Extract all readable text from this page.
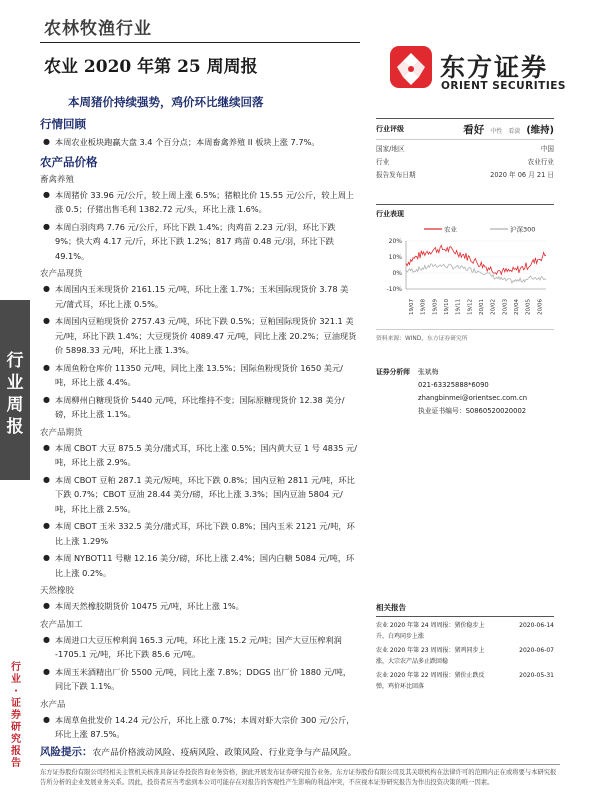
农林牧渔行业
农业 2020 年第 25 周周报
本周猪价持续强势，鸡价环比继续回落
东方证券
ORIENT SECURITIES
行
业
周
报
行
业
·
证
券
研
究
报
告

行情回顾

● 本周农业板块跑赢大盘 3.4 个百分点；本周畜禽养殖 II 板块上涨 7.7%。

农产品价格

畜禽养殖

● 本周猪价 33.96 元/公斤，较上周上涨 6.5%；猪粮比价 15.55 元/公斤，较上周上涨 0.5；仔猪出售毛利 1382.72 元/头，环比上涨 1.6%。

● 本周白羽肉鸡 7.76 元/公斤，环比下跌 1.4%；肉鸡苗 2.23 元/羽，环比下跌 9%；快大鸡 4.17 元/斤，环比下跌 1.2%；817 鸡苗 0.48 元/羽，环比下跌 49.1%。

农产品现货

● 本周国内玉米现货价 2161.15 元/吨，环比上涨 1.7%；玉米国际现货价 3.78 美元/蒲式耳，环比上涨 0.5%。

● 本周国内豆粕现货价 2757.43 元/吨，环比下跌 0.5%；豆粕国际现货价 321.1 美元/吨，环比下跌 1.4%；大豆现货价 4089.47 元/吨，同比上涨 20.2%；豆油现货价 5898.33 元/吨，环比上涨 1.3%。

● 本周鱼粉仓库价 11350 元/吨，同比上涨 13.5%；国际鱼粉现货价 1650 美元/吨，环比上涨 4.4%。

● 本周柳州白糖现货价 5440 元/吨，环比维持不变；国际原糖现货价 12.38 美分/磅，环比上涨 1.1%。

农产品期货

● 本周 CBOT 大豆 875.5 美分/蒲式耳，环比上涨 0.5%；国内黄大豆 1 号 4835 元/吨，环比上涨 2.9%。

● 本周 CBOT 豆粕 287.1 美元/短吨，环比下跌 0.8%；国内豆粕 2811 元/吨，环比下跌 0.7%；CBOT 豆油 28.44 美分/磅，环比上涨 3.3%；国内豆油 5804 元/吨，环比上涨 2.5%。

● 本周 CBOT 玉米 332.5 美分/蒲式耳，环比下跌 0.8%；国内玉米 2121 元/吨，环比上涨 1.29%

● 本周 NYBOT11 号糖 12.16 美分/磅，环比上涨 2.4%；国内白糖 5084 元/吨，环比上涨 0.2%。

天然橡胶

● 本周天然橡胶期货价 10475 元/吨，环比上涨 1%。

农产品加工

● 本周进口大豆压榨利润 165.3 元/吨，环比上涨 15.2 元/吨；国产大豆压榨利润 -1705.1 元/吨，环比下跌 85.6 元/吨。

● 本周玉米酒精出厂价 5500 元/吨，同比上涨 7.8%；DDGS 出厂价 1880 元/吨，同比下跌 1.1%。

水产品

● 本周草鱼批发价 14.24 元/公斤，环比上涨 0.7%；本周对虾大宗价 300 元/公斤，环比上涨 87.5%。

风险提示：农产品价格波动风险、疫病风险、政策风险、行业竞争与产品风险。

行业评级	看好 中性 看淡 (维持)
国家/地区	中国
行业	农业行业
报告发布日期	2020 年 06 月 21 日
行业表现
农业	沪深300
20%
10%
0%
-10%
19/07 19/08 19/09 19/10 19/11 19/12 20/01 20/02 20/03 20/04 20/05 20/06
资料来源：WIND、东方证券研究所
证券分析师	张斌梅
021-63325888*6090
zhangbinmei@orientsec.com.cn
执业证书编号：S0860520020002
相关报告
农业 2020 年第 24 周周报：猪价稳步上升，白鸡同步上涨
2020-06-14
农业 2020 年第 23 周周报：猪鸡同步上涨，大宗农产品多止跌回稳
2020-06-07
农业 2020 年第 22 周周报：猪价止跌反弹，鸡价环比回落
2020-05-31
东方证券股份有限公司经相关主管机关核准具备证券投资咨询业务资格，据此开展发布证券研究报告业务。东方证券股份有限公司及其关联机构在法律许可的范围内正在或将要与本研究报告所分析的企业发展业务关系。因此，投资者应当考虑到本公司可能存在对报告的客观性产生影响的利益冲突，不应视本证券研究报告为作出投资决策的唯一因素。
